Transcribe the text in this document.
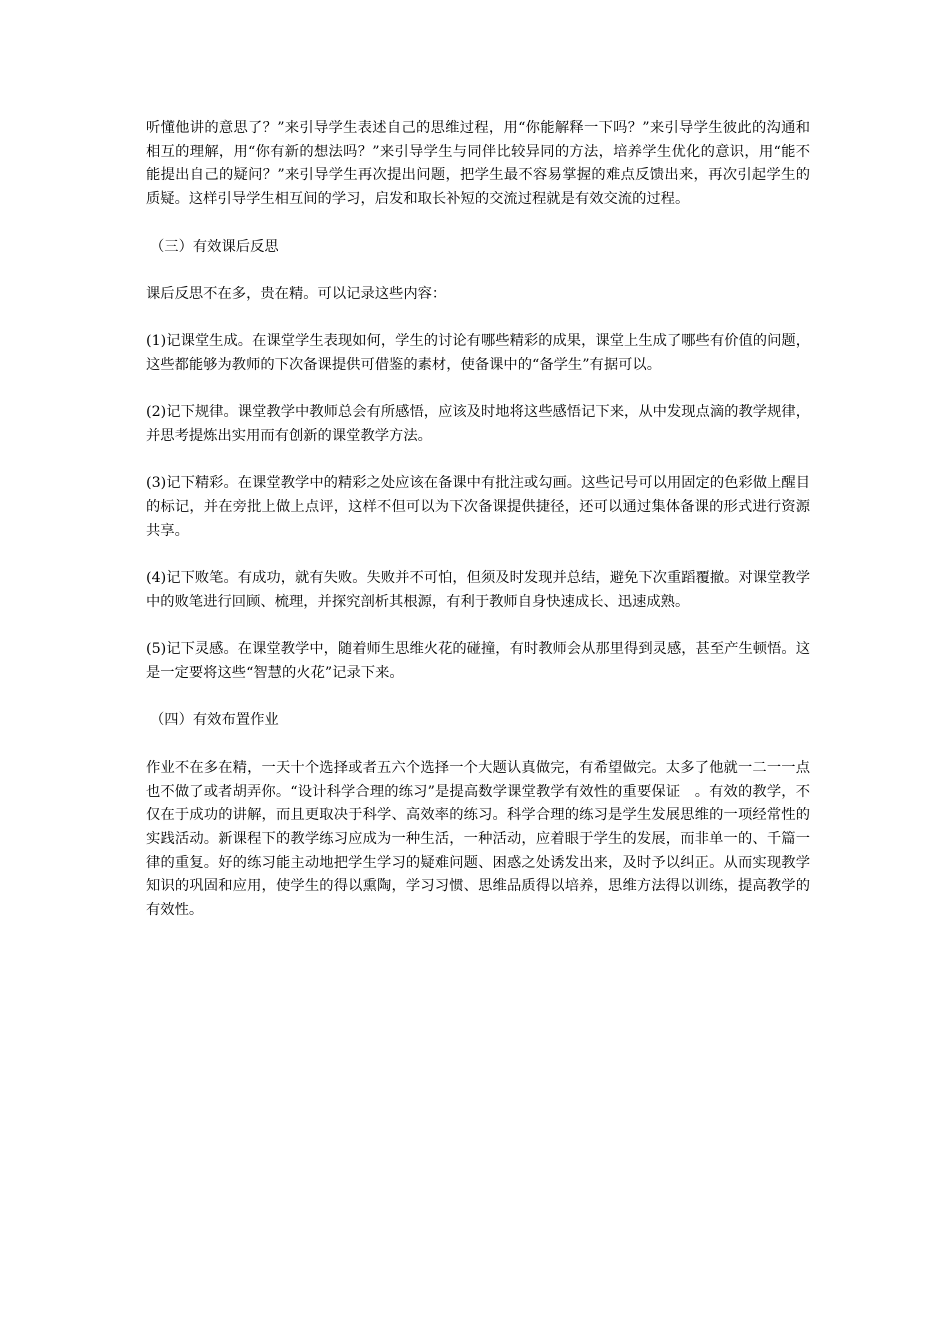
听懂他讲的意思了？”来引导学生表述自己的思维过程，用“你能解释一下吗？”来引导学生彼此的沟通和相互的理解，用“你有新的想法吗？”来引导学生与同伴比较异同的方法，培养学生优化的意识，用“能不能提出自己的疑问？”来引导学生再次提出问题，把学生最不容易掌握的难点反馈出来，再次引起学生的质疑。这样引导学生相互间的学习，启发和取长补短的交流过程就是有效交流的过程。

（三）有效课后反思

课后反思不在多，贵在精。可以记录这些内容：

(1)记课堂生成。在课堂学生表现如何，学生的讨论有哪些精彩的成果，课堂上生成了哪些有价值的问题，这些都能够为教师的下次备课提供可借鉴的素材，使备课中的“备学生”有据可以。

(2)记下规律。课堂教学中教师总会有所感悟，应该及时地将这些感悟记下来，从中发现点滴的教学规律，并思考提炼出实用而有创新的课堂教学方法。

(3)记下精彩。在课堂教学中的精彩之处应该在备课中有批注或勾画。这些记号可以用固定的色彩做上醒目的标记，并在旁批上做上点评，这样不但可以为下次备课提供捷径，还可以通过集体备课的形式进行资源共享。

(4)记下败笔。有成功，就有失败。失败并不可怕，但须及时发现并总结，避免下次重蹈覆撤。对课堂教学中的败笔进行回顾、梳理，并探究剖析其根源，有利于教师自身快速成长、迅速成熟。

(5)记下灵感。在课堂教学中，随着师生思维火花的碰撞，有时教师会从那里得到灵感，甚至产生顿悟。这是一定要将这些“智慧的火花”记录下来。

（四）有效布置作业

作业不在多在精，一天十个选择或者五六个选择一个大题认真做完，有希望做完。太多了他就一二一一点也不做了或者胡弄你。“设计科学合理的练习”是提高数学课堂教学有效性的重要保证　。有效的教学，不仅在于成功的讲解，而且更取决于科学、高效率的练习。科学合理的练习是学生发展思维的一项经常性的实践活动。新课程下的教学练习应成为一种生活，一种活动，应着眼于学生的发展，而非单一的、千篇一律的重复。好的练习能主动地把学生学习的疑难问题、困惑之处诱发出来，及时予以纠正。从而实现教学知识的巩固和应用，使学生的得以熏陶，学习习惯、思维品质得以培养，思维方法得以训练，提高教学的有效性。
